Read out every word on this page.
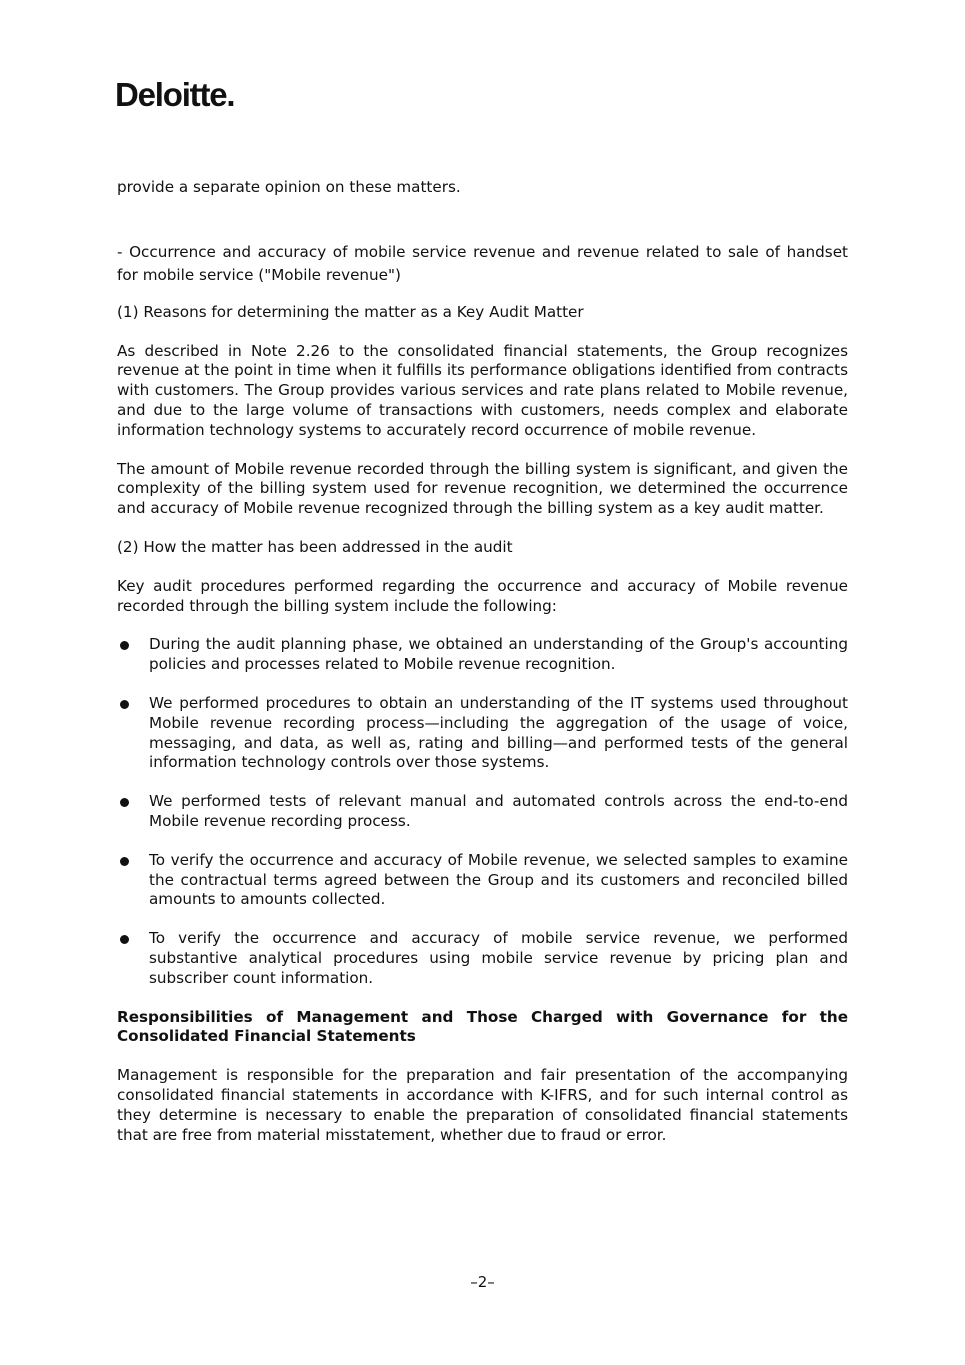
Deloitte.

provide a separate opinion on these matters.

- Occurrence and accuracy of mobile service revenue and revenue related to sale of handset for mobile service ("Mobile revenue")

(1) Reasons for determining the matter as a Key Audit Matter

As described in Note 2.26 to the consolidated financial statements, the Group recognizes revenue at the point in time when it fulfills its performance obligations identified from contracts with customers. The Group provides various services and rate plans related to Mobile revenue, and due to the large volume of transactions with customers, needs complex and elaborate information technology systems to accurately record occurrence of mobile revenue.

The amount of Mobile revenue recorded through the billing system is significant, and given the complexity of the billing system used for revenue recognition, we determined the occurrence and accuracy of Mobile revenue recognized through the billing system as a key audit matter.

(2) How the matter has been addressed in the audit

Key audit procedures performed regarding the occurrence and accuracy of Mobile revenue recorded through the billing system include the following:

During the audit planning phase, we obtained an understanding of the Group's accounting policies and processes related to Mobile revenue recognition.

We performed procedures to obtain an understanding of the IT systems used throughout Mobile revenue recording process—including the aggregation of the usage of voice, messaging, and data, as well as, rating and billing—and performed tests of the general information technology controls over those systems.

We performed tests of relevant manual and automated controls across the end-to-end Mobile revenue recording process.

To verify the occurrence and accuracy of Mobile revenue, we selected samples to examine the contractual terms agreed between the Group and its customers and reconciled billed amounts to amounts collected.

To verify the occurrence and accuracy of mobile service revenue, we performed substantive analytical procedures using mobile service revenue by pricing plan and subscriber count information.

Responsibilities of Management and Those Charged with Governance for the Consolidated Financial Statements

Management is responsible for the preparation and fair presentation of the accompanying consolidated financial statements in accordance with K-IFRS, and for such internal control as they determine is necessary to enable the preparation of consolidated financial statements that are free from material misstatement, whether due to fraud or error.

–2–
